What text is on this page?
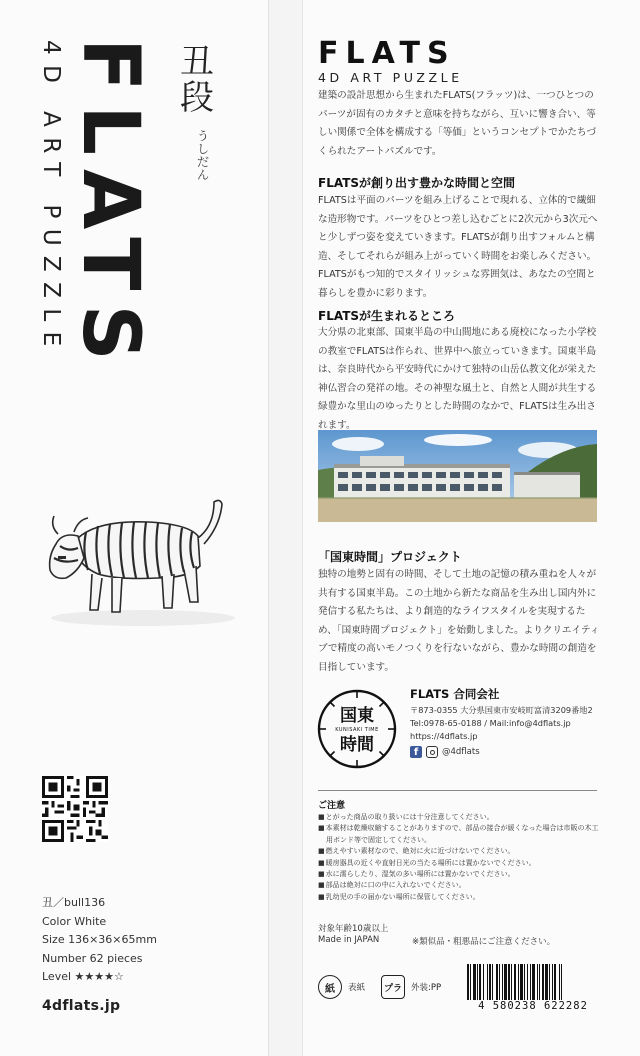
FLATS
4D ART PUZZLE	丑
段
う
し
だ
ん
丑／bull136
Color White
Size 136×36×65mm
Number 62 pieces
Level ★★★★☆
4dflats.jp
FLATS
4D ART PUZZLE

建築の設計思想から生まれたFLATS(フラッツ)は、一つひとつのパーツが固有のカタチと意味を持ちながら、互いに響き合い、等しい関係で全体を構成する「等価」というコンセプトでかたちづくられたアートパズルです。

FLATSが創り出す豊かな時間と空間

FLATSは平面のパーツを組み上げることで現れる、立体的で繊細な造形物です。パーツをひとつ差し込むごとに2次元から3次元へと少しずつ姿を変えていきます。FLATSが創り出すフォルムと構造、そしてそれらが組み上がっていく時間をお楽しみください。FLATSがもつ知的でスタイリッシュな雰囲気は、あなたの空間と暮らしを豊かに彩ります。

FLATSが生まれるところ

大分県の北東部、国東半島の中山間地にある廃校になった小学校の教室でFLATSは作られ、世界中へ旅立っていきます。国東半島は、奈良時代から平安時代にかけて独特の山岳仏教文化が栄えた神仏習合の発祥の地。その神聖な風土と、自然と人間が共生する緑豊かな里山のゆったりとした時間のなかで、FLATSは生み出されます。

「国東時間」プロジェクト

独特の地勢と固有の時間、そして土地の記憶の積み重ねを人々が共有する国東半島。この土地から新たな商品を生み出し国内外に発信する私たちは、より創造的なライフスタイルを実現するため、「国東時間プロジェクト」を始動しました。よりクリエイティブで精度の高いモノつくりを行ないながら、豊かな時間の創造を目指しています。

国東
KUNISAKI TIME
時間
FLATS 合同会社
〒873-0355 大分県国東市安岐町富清3209番地2
Tel:0978-65-0188 / Mail:info@4dflats.jp
https://4dflats.jp
f	@4dflats
ご注意
■ とがった商品の取り扱いには十分注意してください。
■ 本素材は乾燥収縮することがありますので、部品の接合が緩くなった場合は市販の木工用ボンド等で固定してください。
■ 燃えやすい素材なので、絶対に火に近づけないでください。
■ 暖房器具の近くや直射日光の当たる場所には置かないでください。
■ 水に濡らしたり、湿気の多い場所には置かないでください。
■ 部品は絶対に口の中に入れないでください。
■ 乳幼児の手の届かない場所に保管してください。
対象年齢10歳以上
Made in JAPAN	※類似品・粗悪品にご注意ください。
紙	表紙	プラ	外装:PP
4 580238 622282
